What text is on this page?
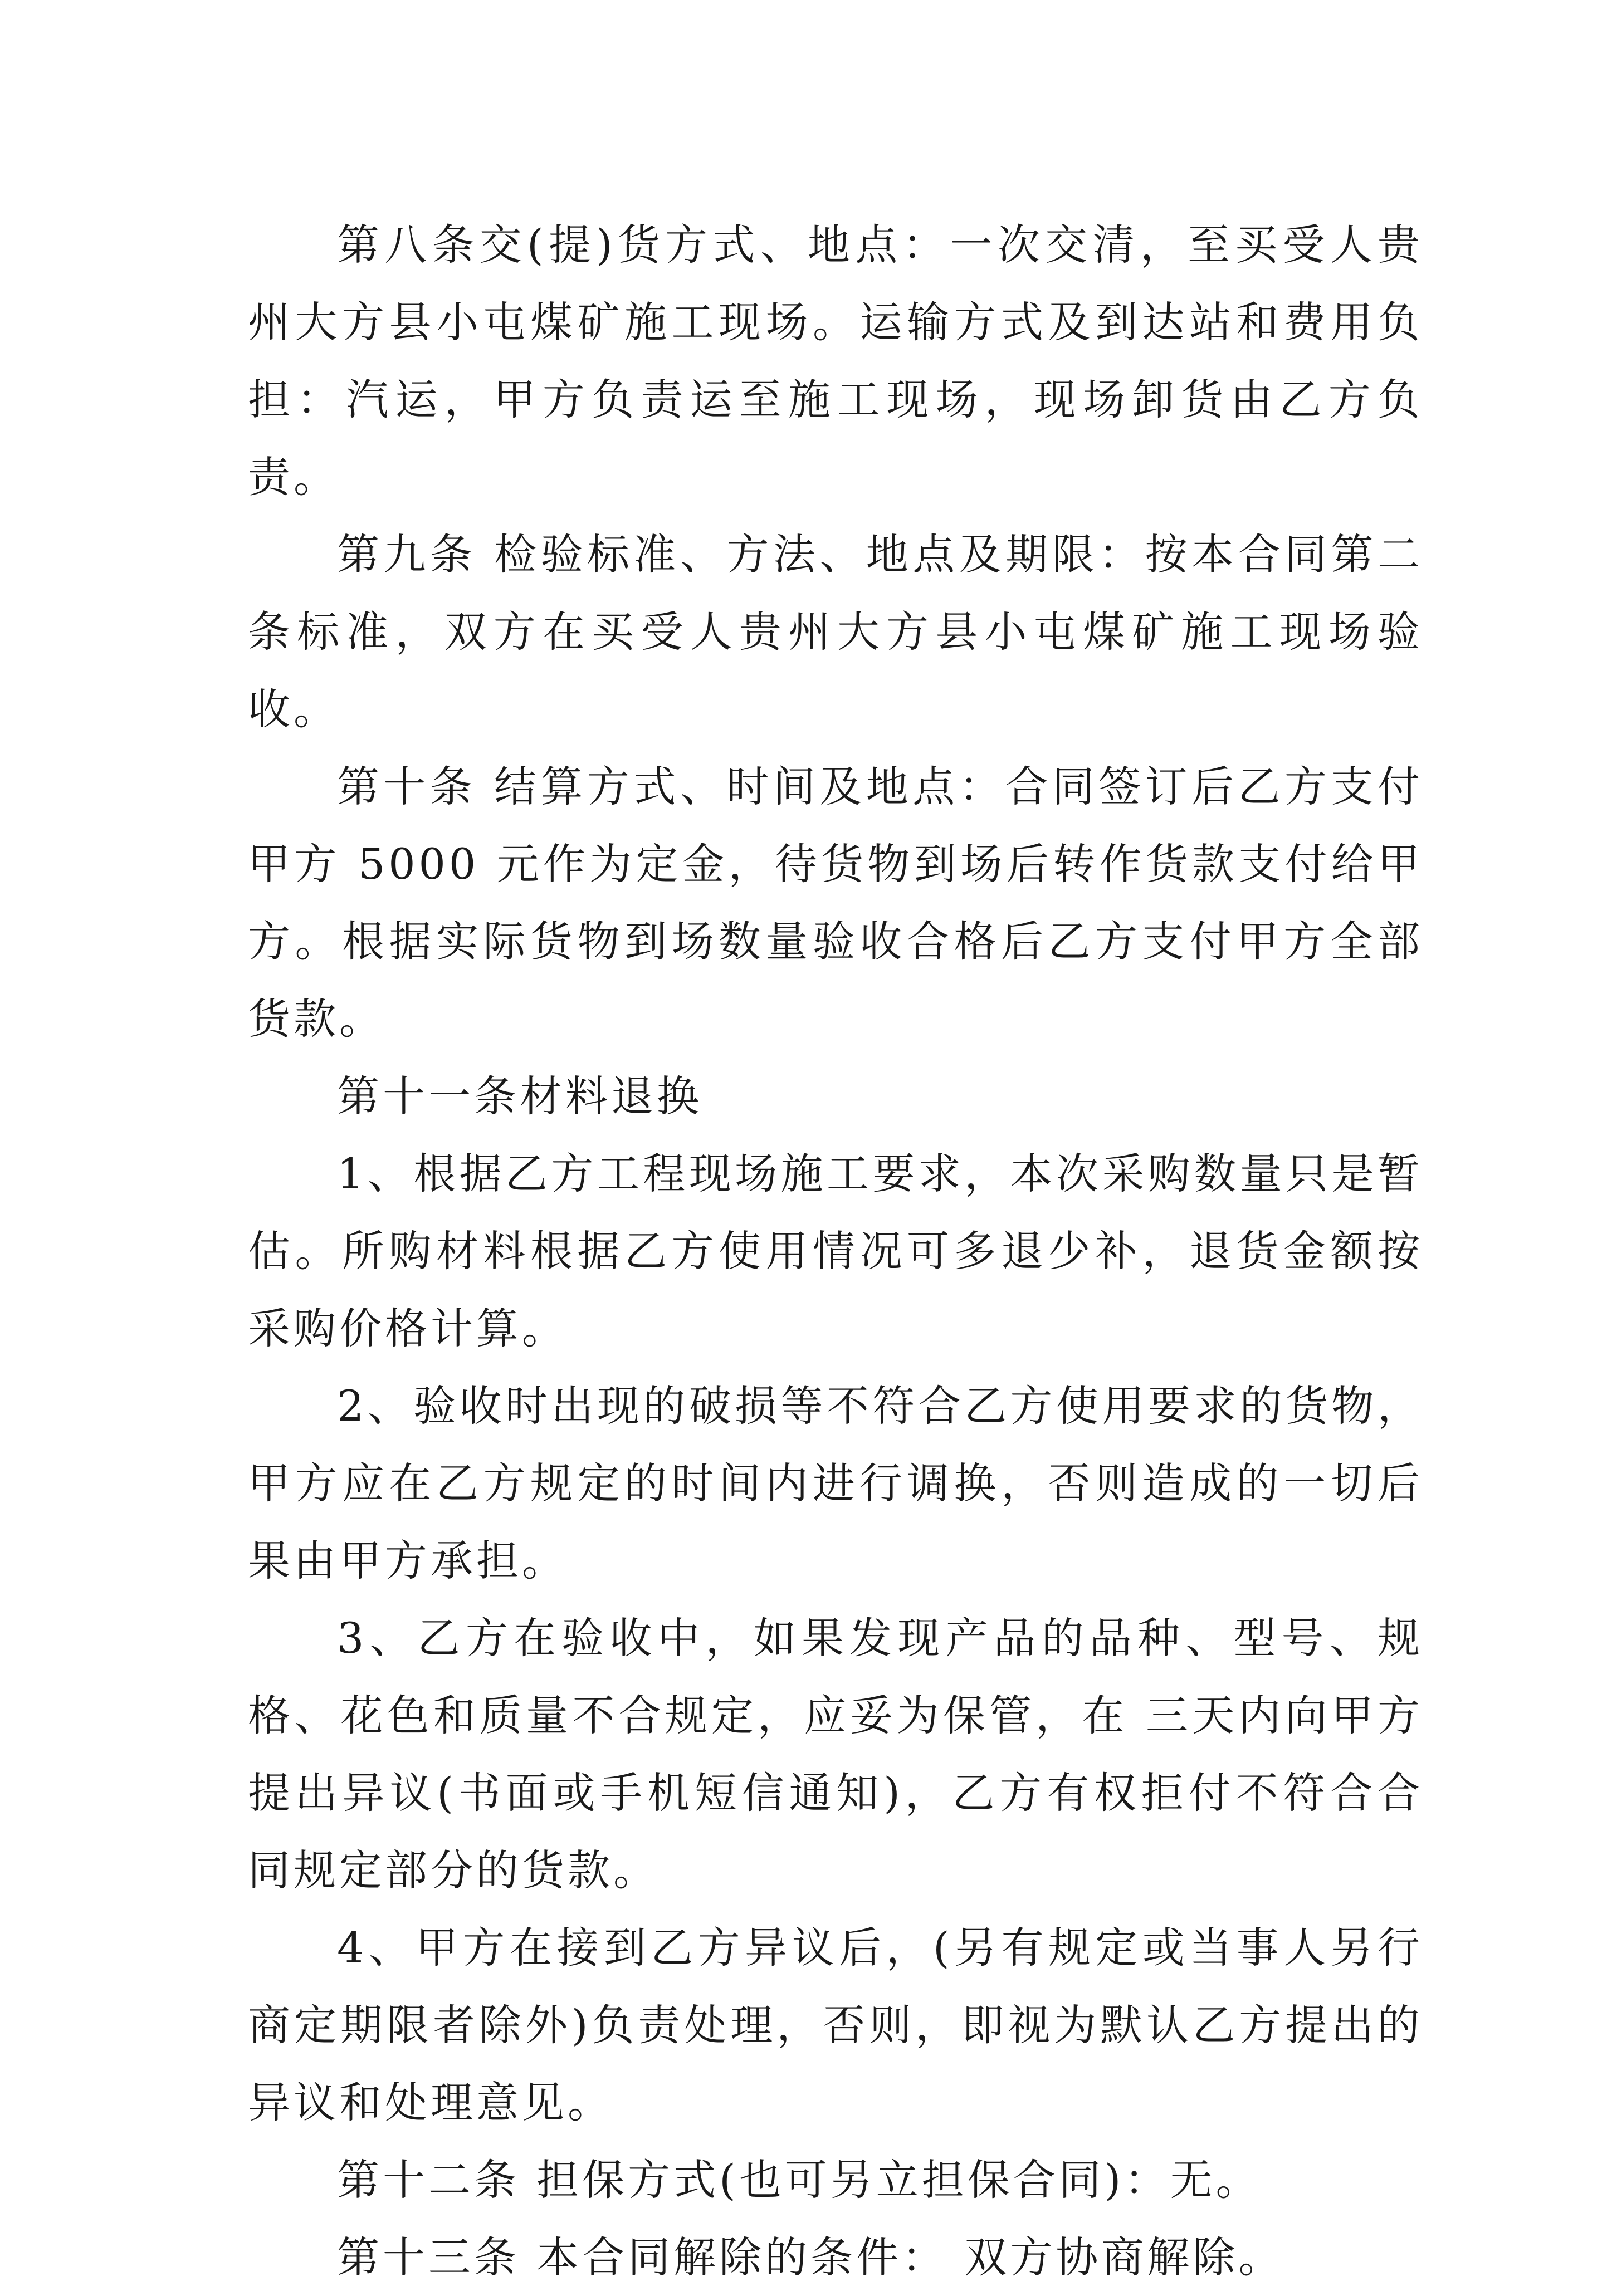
第八条交(提)货方式、地点：一次交清，至买受人贵州大方县小屯煤矿施工现场。运输方式及到达站和费用负担：汽运，甲方负责运至施工现场，现场卸货由乙方负责。

第九条 检验标准、方法、地点及期限：按本合同第二条标准，双方在买受人贵州大方县小屯煤矿施工现场验收。

第十条 结算方式、时间及地点：合同签订后乙方支付甲方 5000 元作为定金，待货物到场后转作货款支付给甲方。根据实际货物到场数量验收合格后乙方支付甲方全部货款。

第十一条材料退换

1、根据乙方工程现场施工要求，本次采购数量只是暂估。所购材料根据乙方使用情况可多退少补，退货金额按采购价格计算。

2、验收时出现的破损等不符合乙方使用要求的货物，甲方应在乙方规定的时间内进行调换，否则造成的一切后果由甲方承担。

3、乙方在验收中，如果发现产品的品种、型号、规格、花色和质量不合规定，应妥为保管，在 三天内向甲方提出异议(书面或手机短信通知)，乙方有权拒付不符合合同规定部分的货款。

4、甲方在接到乙方异议后，(另有规定或当事人另行商定期限者除外)负责处理，否则，即视为默认乙方提出的异议和处理意见。

第十二条 担保方式(也可另立担保合同)：无。

第十三条 本合同解除的条件： 双方协商解除。
